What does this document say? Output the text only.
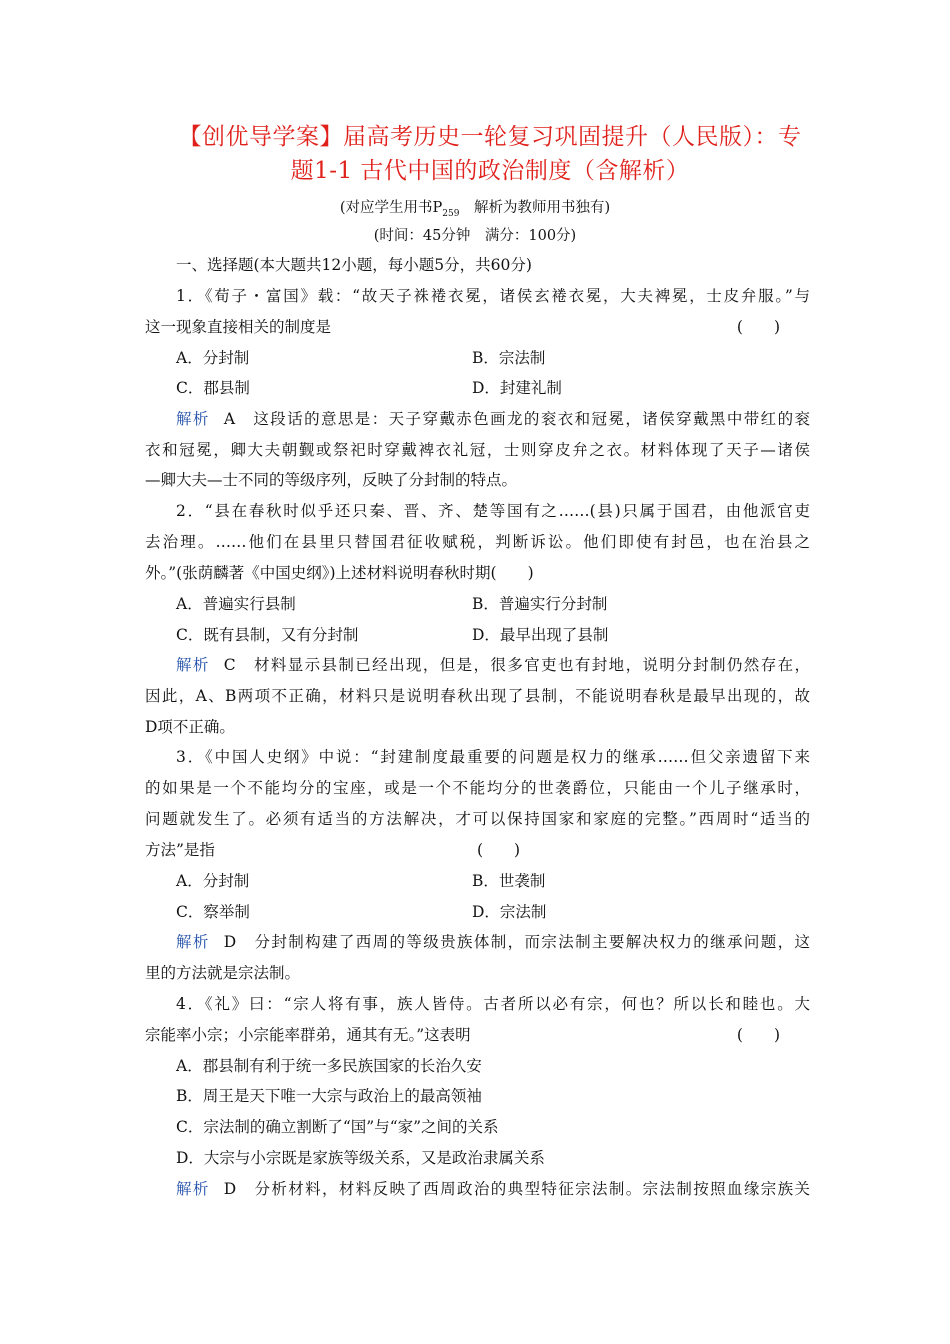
【创优导学案】届高考历史一轮复习巩固提升（人民版）：专
题1-1 古代中国的政治制度（含解析）
(对应学生用书$P_{259}$　解析为教师用书独有)
(时间：45分钟　满分：100分)
一、选择题(本大题共12小题，每小题5分，共60分)
1．《荀子・富国》载：“故天子袾裷衣冕，诸侯玄裷衣冕，大夫裨冕，士皮弁服。”与
这一现象直接相关的制度是	(　　)
A．分封制	B．宗法制
C．郡县制	D．封建礼制
解析 A　这段话的意思是：天子穿戴赤色画龙的衮衣和冠冕，诸侯穿戴黑中带红的衮
衣和冠冕，卿大夫朝觐或祭祀时穿戴裨衣礼冠，士则穿皮弁之衣。材料体现了天子—诸侯
—卿大夫—士不同的等级序列，反映了分封制的特点。
2．“县在春秋时似乎还只秦、晋、齐、楚等国有之……(县)只属于国君，由他派官吏
去治理。……他们在县里只替国君征收赋税，判断诉讼。他们即使有封邑，也在治县之
外。”(张荫麟著《中国史纲》)上述材料说明春秋时期(　　)
A．普遍实行县制	B．普遍实行分封制
C．既有县制，又有分封制	D．最早出现了县制
解析 C　材料显示县制已经出现，但是，很多官吏也有封地，说明分封制仍然存在，
因此，A、B两项不正确，材料只是说明春秋出现了县制，不能说明春秋是最早出现的，故
D项不正确。
3．《中国人史纲》中说：“封建制度最重要的问题是权力的继承……但父亲遗留下来
的如果是一个不能均分的宝座，或是一个不能均分的世袭爵位，只能由一个儿子继承时，
问题就发生了。必须有适当的方法解决，才可以保持国家和家庭的完整。”西周时“适当的
方法”是指	(　　)
A．分封制	B．世袭制
C．察举制	D．宗法制
解析 D　分封制构建了西周的等级贵族体制，而宗法制主要解决权力的继承问题，这
里的方法就是宗法制。
4．《礼》曰：“宗人将有事，族人皆侍。古者所以必有宗，何也？所以长和睦也。大
宗能率小宗；小宗能率群弟，通其有无。”这表明	(　　)
A．郡县制有利于统一多民族国家的长治久安
B．周王是天下唯一大宗与政治上的最高领袖
C．宗法制的确立割断了“国”与“家”之间的关系
D．大宗与小宗既是家族等级关系，又是政治隶属关系
解析 D　分析材料，材料反映了西周政治的典型特征宗法制。宗法制按照血缘宗族关
